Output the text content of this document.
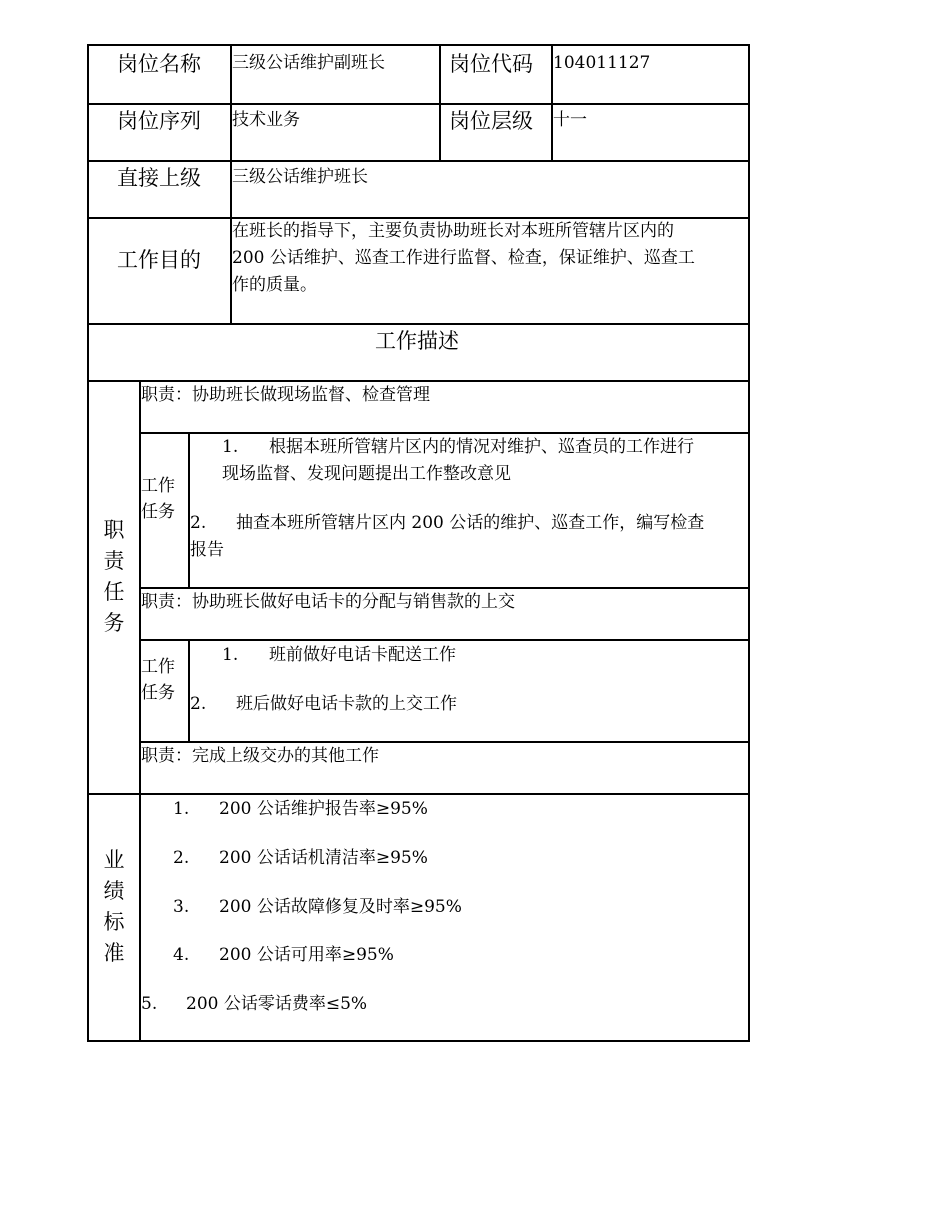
岗位名称 三级公话维护副班长	岗位代码 104011127
岗位序列 技术业务	岗位层级 十一
直接上级 三级公话维护班长
工作目的
在班长的指导下，主要负责协助班长对本班所管辖片区内的
200 公话维护、巡查工作进行监督、检查，保证维护、巡查工
作的质量。
工作描述
职责任务
职责：协助班长做现场监督、检查管理
工作任务
1. 根据本班所管辖片区内的情况对维护、巡查员的工作进行
现场监督、发现问题提出工作整改意见
2. 抽查本班所管辖片区内 200 公话的维护、巡查工作，编写检查
报告
职责：协助班长做好电话卡的分配与销售款的上交
工作任务
1. 班前做好电话卡配送工作
2. 班后做好电话卡款的上交工作
职责：完成上级交办的其他工作
业绩标准
1. 200 公话维护报告率≥95%
2. 200 公话话机清洁率≥95%
3. 200 公话故障修复及时率≥95%
4. 200 公话可用率≥95%
5. 200 公话零话费率≤5%
